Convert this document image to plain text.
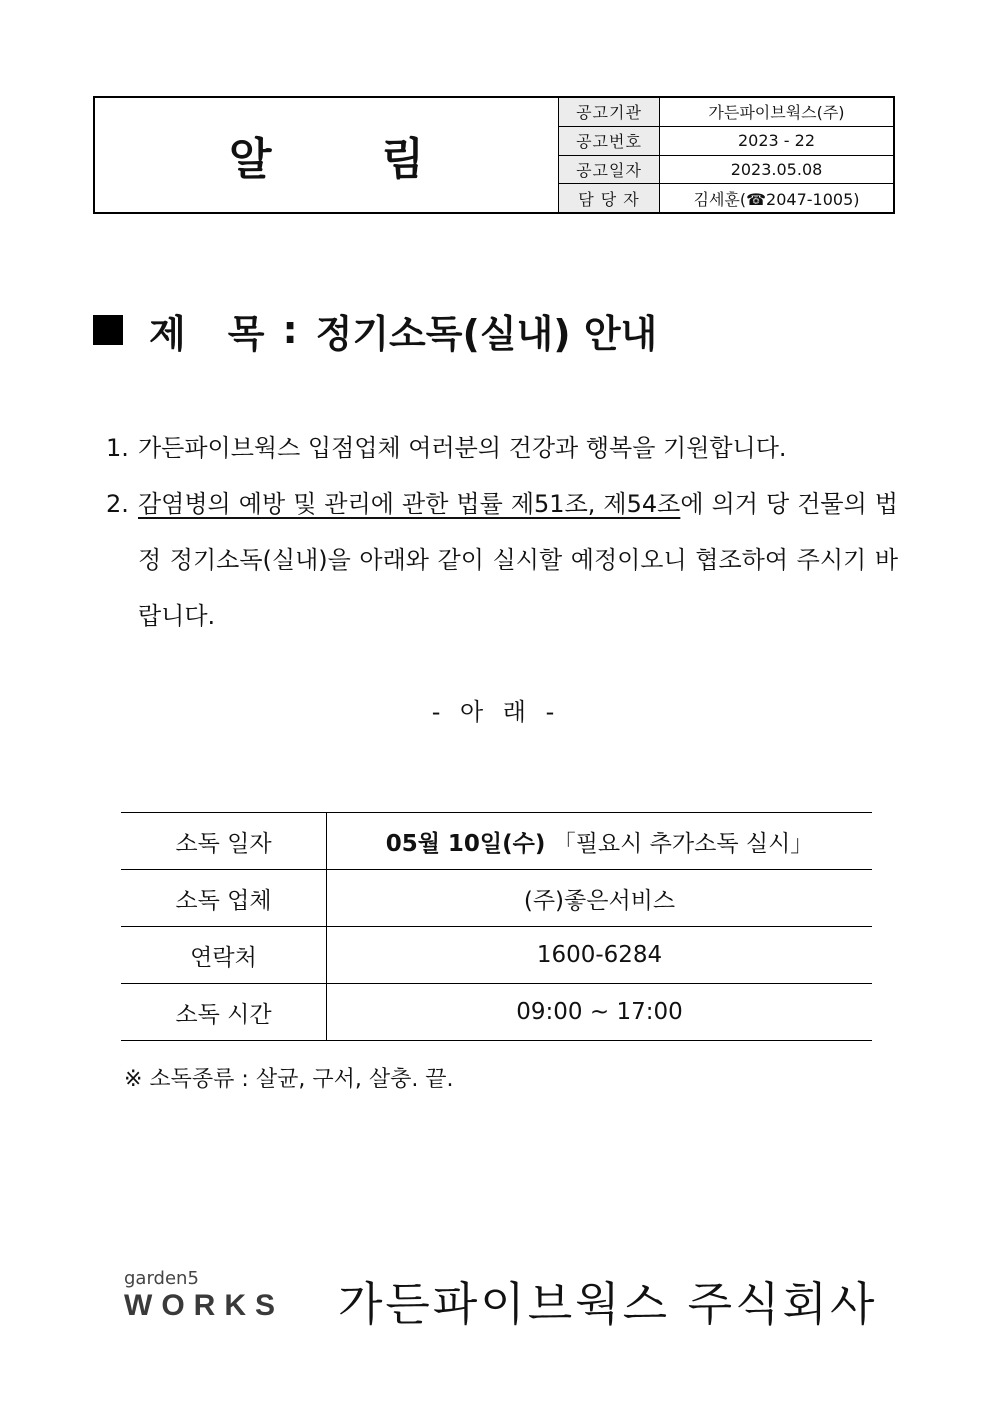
알	림
공고기관	가든파이브웍스(주)
공고번호	2023 - 22
공고일자	2023.05.08
담 당 자	김세훈(☎2047-1005)
제 목 : 정기소독(실내) 안내
1. 가든파이브웍스 입점업체 여러분의 건강과 행복을 기원합니다.
2. 감염병의 예방 및 관리에 관한 법률 제51조, 제54조에 의거 당 건물의 법정 정기소독(실내)을 아래와 같이 실시할 예정이오니 협조하여 주시기 바랍니다.
- 아 래 -
소독 일자	05월 10일(수) 「필요시 추가소독 실시」
소독 업체	(주)좋은서비스
연락처	1600-6284
소독 시간	09:00 ~ 17:00
※ 소독종류 : 살균, 구서, 살충. 끝.
garden5
WORKS 가든파이브웍스 주식회사
